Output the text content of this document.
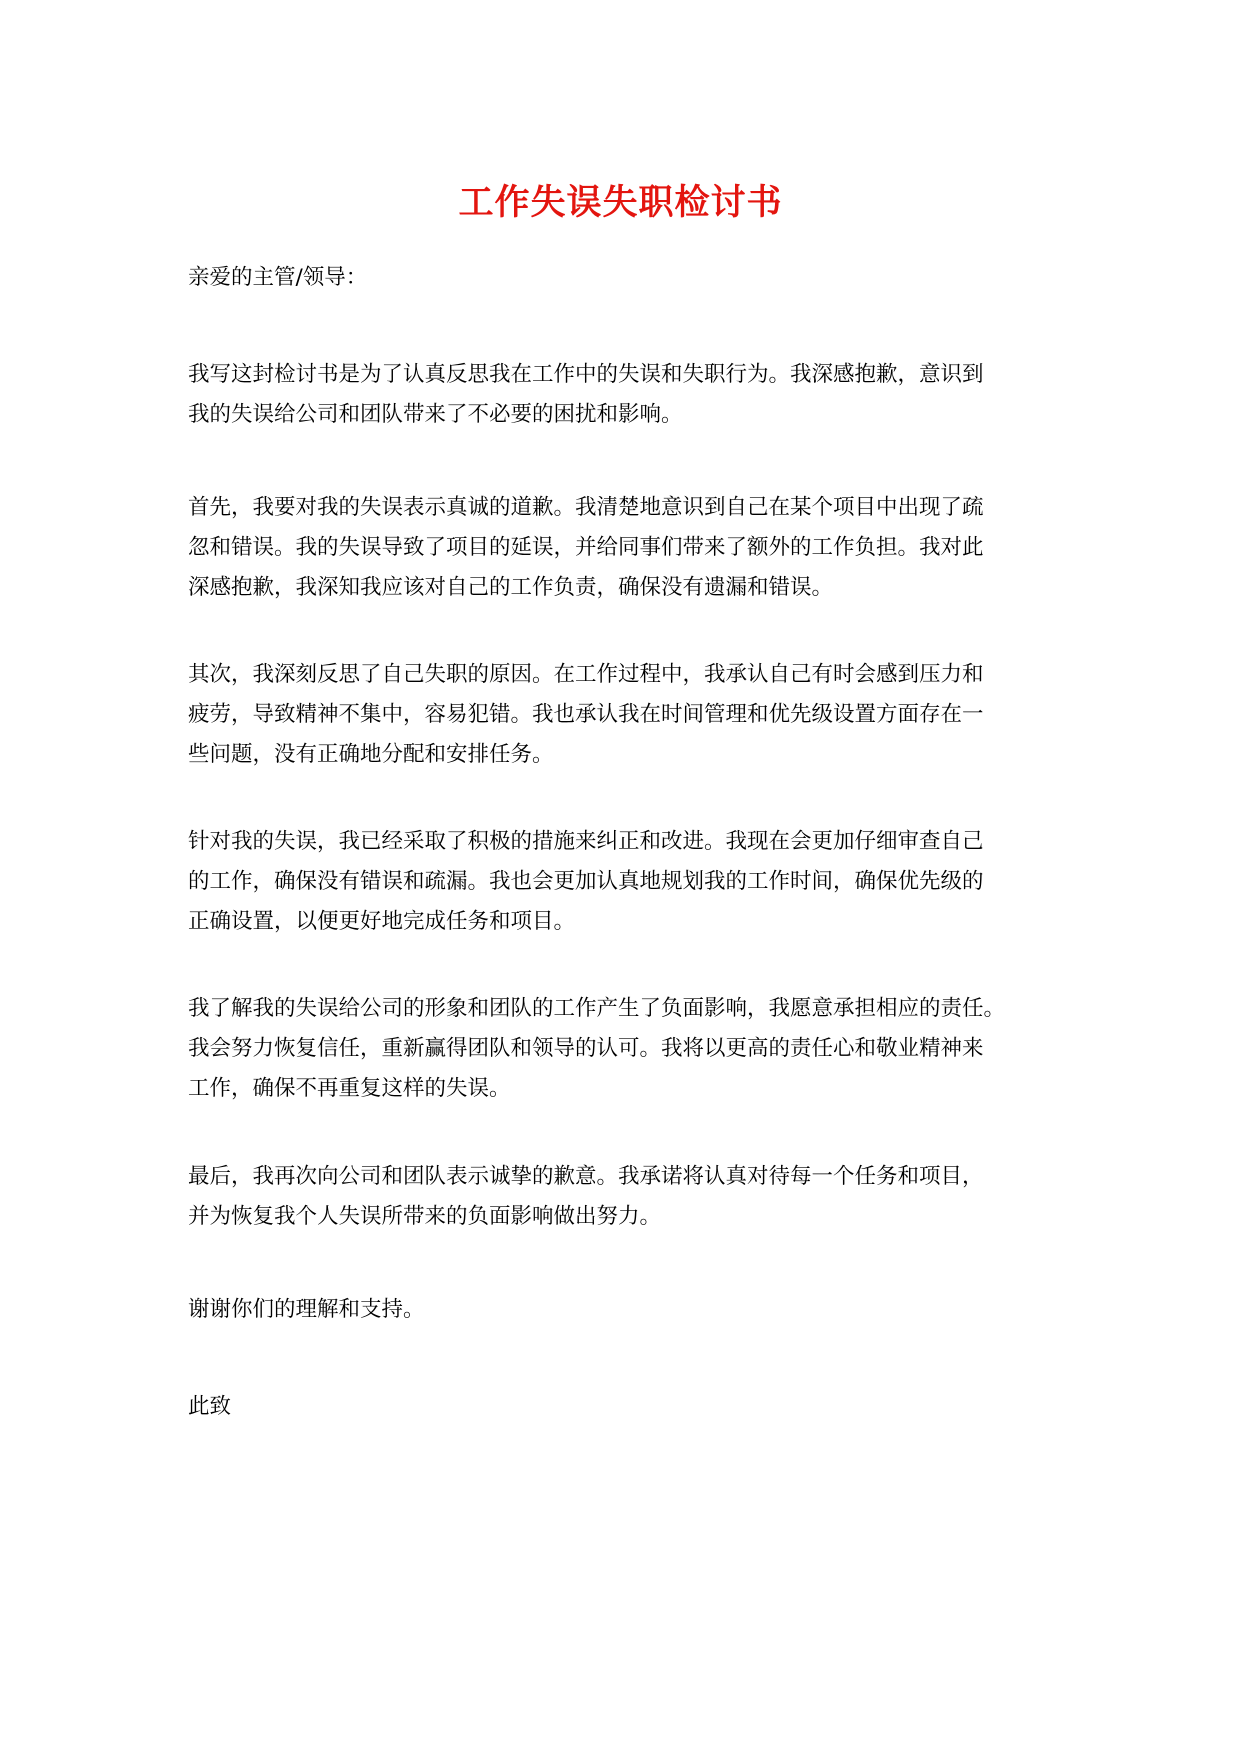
工作失误失职检讨书

亲爱的主管/领导：

我写这封检讨书是为了认真反思我在工作中的失误和失职行为。我深感抱歉，意识到
我的失误给公司和团队带来了不必要的困扰和影响。

首先，我要对我的失误表示真诚的道歉。我清楚地意识到自己在某个项目中出现了疏
忽和错误。我的失误导致了项目的延误，并给同事们带来了额外的工作负担。我对此
深感抱歉，我深知我应该对自己的工作负责，确保没有遗漏和错误。

其次，我深刻反思了自己失职的原因。在工作过程中，我承认自己有时会感到压力和
疲劳，导致精神不集中，容易犯错。我也承认我在时间管理和优先级设置方面存在一
些问题，没有正确地分配和安排任务。

针对我的失误，我已经采取了积极的措施来纠正和改进。我现在会更加仔细审查自己
的工作，确保没有错误和疏漏。我也会更加认真地规划我的工作时间，确保优先级的
正确设置，以便更好地完成任务和项目。

我了解我的失误给公司的形象和团队的工作产生了负面影响，我愿意承担相应的责任。
我会努力恢复信任，重新赢得团队和领导的认可。我将以更高的责任心和敬业精神来
工作，确保不再重复这样的失误。

最后，我再次向公司和团队表示诚挚的歉意。我承诺将认真对待每一个任务和项目，
并为恢复我个人失误所带来的负面影响做出努力。

谢谢你们的理解和支持。

此致
